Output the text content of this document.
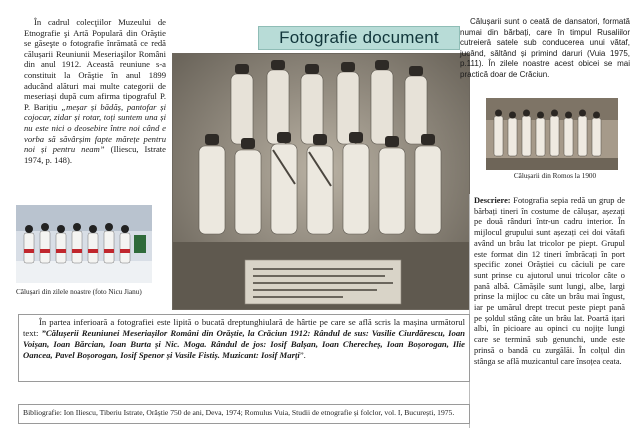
Fotografie document

În cadrul colecţiilor Muzeului de Etnografie şi Artă Populară din Orăştie se găseşte o fotografie înrămată ce redă călușarii Reuniunii Meseriaşilor Români din anul 1912. Această reuniune s-a constituit la Orăştie în anul 1899 aducând alături mai multe categorii de meseriași după cum afirma tipograful P. P. Barițiu „meșar și bădăș, pantofar și cojocar, zidar și rotar, toți suntem una și nu este nici o deosebire între noi când e vorba să săvârșim fapte mărețe pentru noi și pentru neam” (Iliescu, Istrate 1974, p. 148).

Călușarii sunt o ceată de dansatori, formată numai din bărbați, care în timpul Rusaliilor cutreierā satele sub conducerea unui vătaf, jucând, săltând și primind daruri (Vuia 1975, p.111). În zilele noastre acest obicei se mai practică doar de Crăciun.

Călușarii din Romos la 1900

Călușari din zilele noastre (foto Nicu Jianu)

Descriere: Fotografia sepia redă un grup de bărbați tineri în costume de călușar, așezați pe două rânduri într-un cadru interior. În mijlocul grupului sunt așezați cei doi vătafi având un brâu lat tricolor pe piept. Grupul este format din 12 tineri îmbrăcați în port specific zonei Orăștiei cu căciuli pe care sunt prinse cu ajutorul unui tricolor câte o pană albă. Cămășile sunt lungi, albe, largi prinse la mijloc cu câte un brâu mai îngust, iar pe umărul drept trecut peste piept pană pe șoldul stâng câte un brâu lat. Poartă ițari albi, în picioare au opinci cu nojițe lungi care se termină sub genunchi, unde este prinsă o bandă cu zurgălăi. În colțul din stânga se află muzicantul care însoțea ceata.

În partea inferioară a fotografiei este lipită o bucată dreptunghiulară de hârtie pe care se află scris la mașina următorul text: ”Călușerii Reuniunei Meseriașilor Români din Orăștie, la Crăciun 1912: Rândul de sus: Vasilie Ciurdărescu, Ioan Voișan, Ioan Bărcian, Ioan Burta și Nic. Moga. Rândul de jos: Iosif Balșan, Ioan Cherecheș, Ioan Boșorogan, Ilie Oancea, Pavel Boșorogan, Iosif Spenor și Vasile Fistiș. Muzicant: Iosif Marți”.

Bibliografie: Ion Iliescu, Tiberiu Istrate, Orăștie 750 de ani, Deva, 1974; Romulus Vuia, Studii de etnografie și folclor, vol. I, București, 1975.
